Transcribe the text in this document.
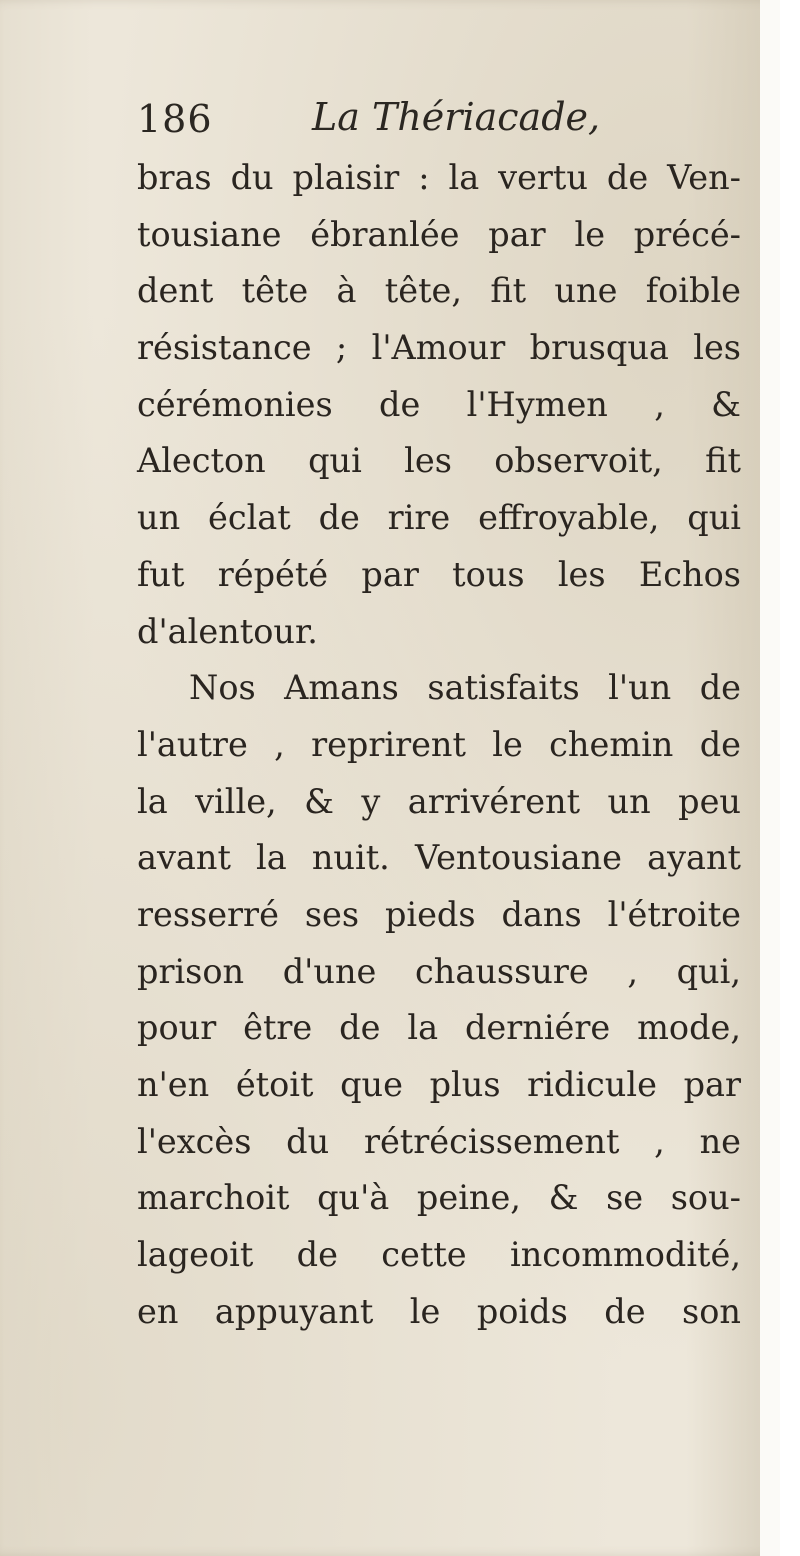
186	La Thériacade,
bras du plaisir : la vertu de Ven-
tousiane ébranlée par le précé-
dent tête à tête, fit une foible
résistance ; l'Amour brusqua les
cérémonies de l'Hymen , &
Alecton qui les observoit, fit
un éclat de rire effroyable, qui
fut répété par tous les Echos
d'alentour.
Nos Amans satisfaits l'un de
l'autre , reprirent le chemin de
la ville, & y arrivérent un peu
avant la nuit. Ventousiane ayant
resserré ses pieds dans l'étroite
prison d'une chaussure , qui,
pour être de la derniére mode,
n'en étoit que plus ridicule par
l'excès du rétrécissement , ne
marchoit qu'à peine, & se sou-
lageoit de cette incommodité,
en appuyant le poids de son
